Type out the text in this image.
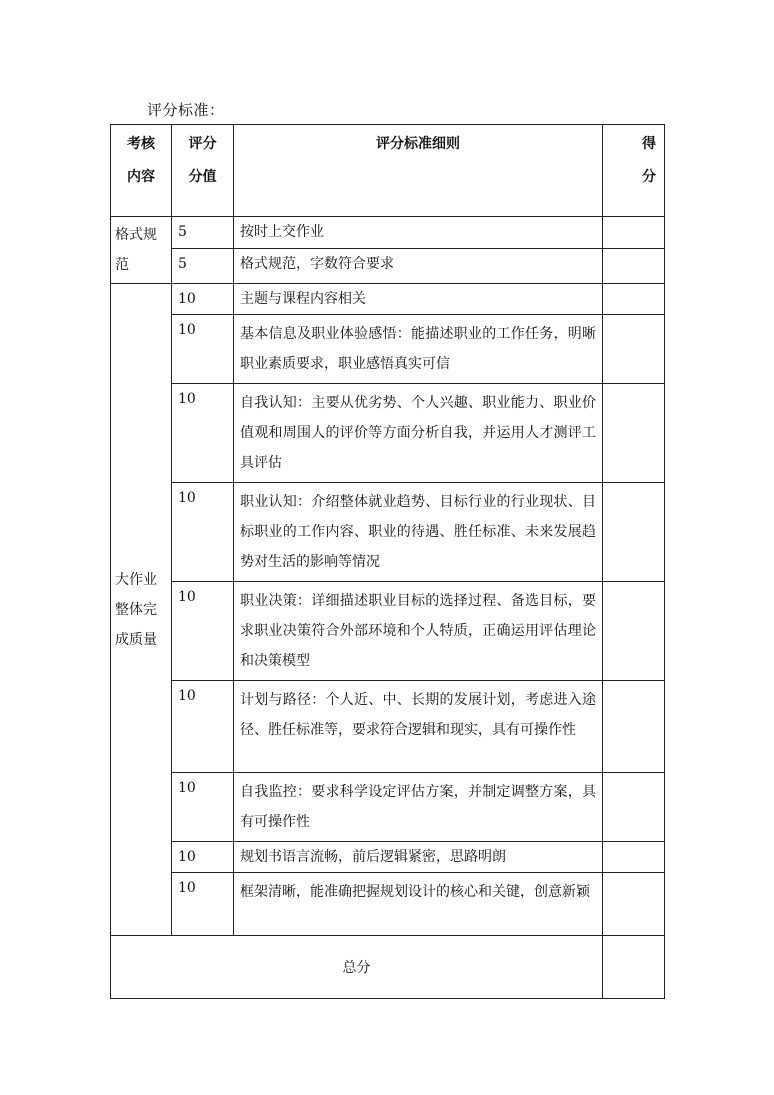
评分标准：
考核内容	评分分值	评分标准细则	得分

格式规范	5	按时上交作业	
	5	格式规范，字数符合要求	
大作业整体完成质量	10	主题与课程内容相关	
	10	基本信息及职业体验感悟：能描述职业的工作任务，明晰职业素质要求，职业感悟真实可信	
	10	自我认知：主要从优劣势、个人兴趣、职业能力、职业价值观和周围人的评价等方面分析自我，并运用人才测评工具评估	
	10	职业认知：介绍整体就业趋势、目标行业的行业现状、目标职业的工作内容、职业的待遇、胜任标准、未来发展趋势对生活的影响等情况	
	10	职业决策：详细描述职业目标的选择过程、备选目标，要求职业决策符合外部环境和个人特质，正确运用评估理论和决策模型	
	10	计划与路径：个人近、中、长期的发展计划，考虑进入途径、胜任标准等，要求符合逻辑和现实，具有可操作性	
	10	自我监控：要求科学设定评估方案，并制定调整方案，具有可操作性	
	10	规划书语言流畅，前后逻辑紧密，思路明朗	
	10	框架清晰，能准确把握规划设计的核心和关键，创意新颖	
总分			
